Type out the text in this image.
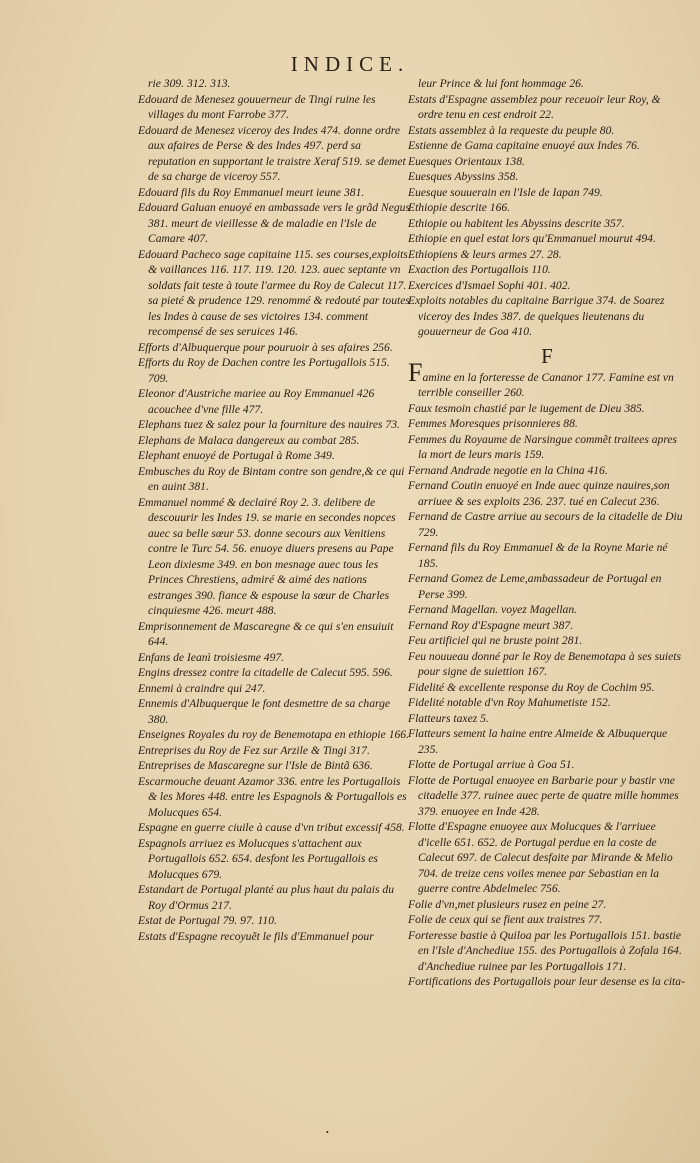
INDICE.

rie 309. 312. 313.

Edouard de Menesez gouuerneur de Tingi ruine les villages du mont Farrobe 377.

Edouard de Menesez viceroy des Indes 474. donne ordre aux afaires de Perse & des Indes 497. perd sa reputation en supportant le traistre Xeraf 519. se demet de sa charge de viceroy 557.

Edouard fils du Roy Emmanuel meurt ieune 381.

Edouard Galuan enuoyé en ambassade vers le grãd Negus 381. meurt de vieillesse & de maladie en l'Isle de Camare 407.

Edouard Pacheco sage capitaine 115. ses courses,exploits & vaillances 116. 117. 119. 120. 123. auec septante vn soldats fait teste à toute l'armee du Roy de Calecut 117. sa pieté & prudence 129. renommé & redouté par toutes les Indes à cause de ses victoires 134. comment recompensé de ses seruices 146.

Efforts d'Albuquerque pour pouruoir à ses afaires 256.

Efforts du Roy de Dachen contre les Portugallois 515. 709.

Eleonor d'Austriche mariee au Roy Emmanuel 426 acouchee d'vne fille 477.

Elephans tuez & salez pour la fourniture des nauires 73.

Elephans de Malaca dangereux au combat 285.

Elephant enuoyé de Portugal à Rome 349.

Embusches du Roy de Bintam contre son gendre,& ce qui en auint 381.

Emmanuel nommé & declairé Roy 2. 3. delibere de descouurir les Indes 19. se marie en secondes nopces auec sa belle sœur 53. donne secours aux Venitiens contre le Turc 54. 56. enuoye diuers presens au Pape Leon dixiesme 349. en bon mesnage auec tous les Princes Chrestiens, admiré & aimé des nations estranges 390. fiance & espouse la sœur de Charles cinquiesme 426. meurt 488.

Emprisonnement de Mascaregne & ce qui s'en ensuiuit 644.

Enfans de Ieanì troisiesme 497.

Engins dressez contre la citadelle de Calecut 595. 596.

Ennemi à craindre qui 247.

Ennemis d'Albuquerque le font desmettre de sa charge 380.

Enseignes Royales du roy de Benemotapa en ethiopie 166.

Entreprises du Roy de Fez sur Arzile & Tingi 317.

Entreprises de Mascaregne sur l'Isle de Bintã 636.

Escarmouche deuant Azamor 336. entre les Portugallois & les Mores 448. entre les Espagnols & Portugallois es Molucques 654.

Espagne en guerre ciuile à cause d'vn tribut excessif 458.

Espagnols arriuez es Molucques s'attachent aux Portugallois 652. 654. desfont les Portugallois es Molucques 679.

Estandart de Portugal planté au plus haut du palais du Roy d'Ormus 217.

Estat de Portugal 79. 97. 110.

Estats d'Espagne recoyuẽt le fils d'Emmanuel pour

leur Prince & lui font hommage 26.

Estats d'Espagne assemblez pour receuoir leur Roy, & ordre tenu en cest endroit 22.

Estats assemblez à la requeste du peuple 80.

Estienne de Gama capitaine enuoyé aux Indes 76.

Euesques Orientaux 138.

Euesques Abyssins 358.

Euesque souuerain en l'Isle de Iapan 749.

Ethiopie descrite 166.

Ethiopie ou habitent les Abyssins descrite 357.

Ethiopie en quel estat lors qu'Emmanuel mourut 494.

Ethiopiens & leurs armes 27. 28.

Exaction des Portugallois 110.

Exercices d'Ismael Sophi 401. 402.

Exploits notables du capitaine Barrigue 374. de Soarez viceroy des Indes 387. de quelques lieutenans du gouuerneur de Goa 410.

F

Famine en la forteresse de Cananor 177. Famine est vn terrible conseiller 260.

Faux tesmoin chastié par le iugement de Dieu 385.

Femmes Moresques prisonnieres 88.

Femmes du Royaume de Narsingue commẽt traitees apres la mort de leurs maris 159.

Fernand Andrade negotie en la China 416.

Fernand Coutin enuoyé en Inde auec quinze nauires,son arriuee & ses exploits 236. 237. tué en Calecut 236.

Fernand de Castre arriue au secours de la citadelle de Diu 729.

Fernand fils du Roy Emmanuel & de la Royne Marie né 185.

Fernand Gomez de Leme,ambassadeur de Portugal en Perse 399.

Fernand Magellan. voyez Magellan.

Fernand Roy d'Espagne meurt 387.

Feu artificiel qui ne bruste point 281.

Feu nouueau donné par le Roy de Benemotapa à ses suiets pour signe de suiettion 167.

Fidelité & excellente response du Roy de Cochim 95.

Fidelité notable d'vn Roy Mahumetiste 152.

Flatteurs taxez 5.

Flatteurs sement la haine entre Almeide & Albuquerque 235.

Flotte de Portugal arriue à Goa 51.

Flotte de Portugal enuoyee en Barbarie pour y bastir vne citadelle 377. ruinee auec perte de quatre mille hommes 379. enuoyee en Inde 428.

Flotte d'Espagne enuoyee aux Molucques & l'arriuee d'icelle 651. 652. de Portugal perdue en la coste de Calecut 697. de Calecut desfaite par Mirande & Melio 704. de treize cens voiles menee par Sebastian en la guerre contre Abdelmelec 756.

Folie d'vn,met plusieurs rusez en peine 27.

Folie de ceux qui se fient aux traistres 77.

Forteresse bastie à Quiloa par les Portugallois 151. bastie en l'Isle d'Anchediue 155. des Portugallois à Zofala 164. d'Anchediue ruinee par les Portugallois 171.

Fortifications des Portugallois pour leur desense es la cita-

•
